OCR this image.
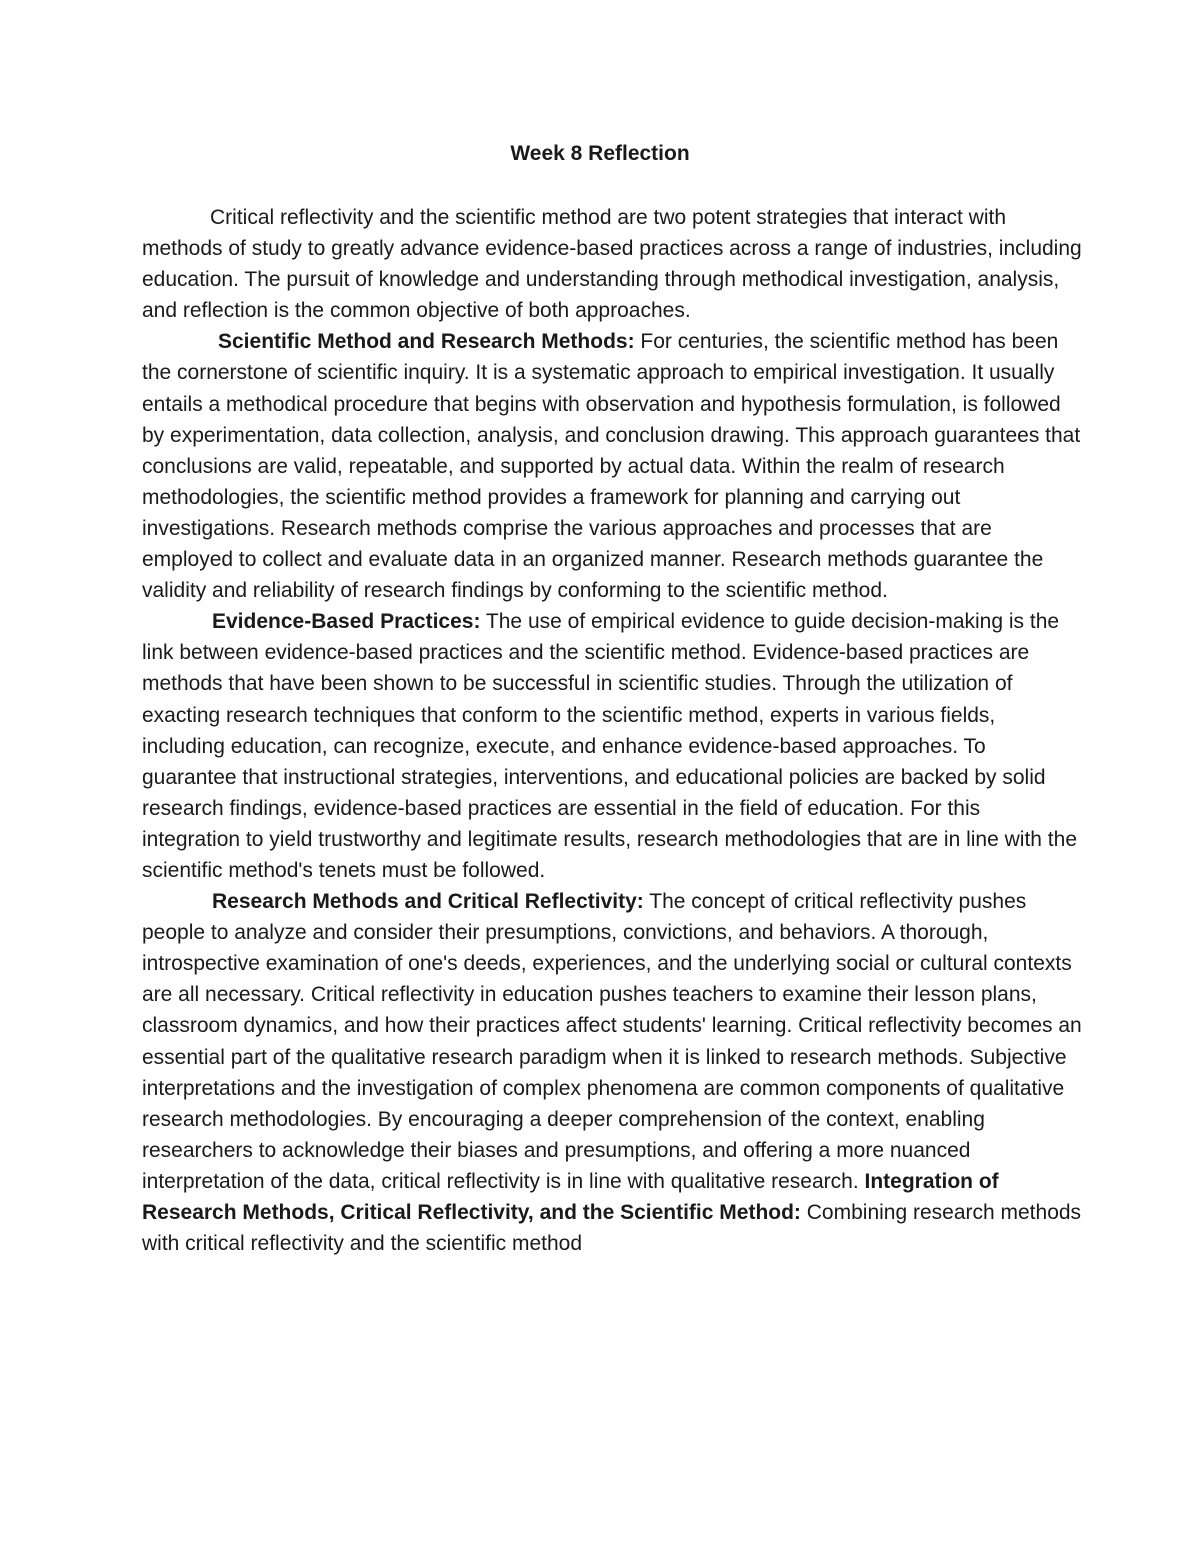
Week 8 Reflection

Critical reflectivity and the scientific method are two potent strategies that interact with methods of study to greatly advance evidence-based practices across a range of industries, including education. The pursuit of knowledge and understanding through methodical investigation, analysis, and reflection is the common objective of both approaches.

Scientific Method and Research Methods: For centuries, the scientific method has been the cornerstone of scientific inquiry. It is a systematic approach to empirical investigation. It usually entails a methodical procedure that begins with observation and hypothesis formulation, is followed by experimentation, data collection, analysis, and conclusion drawing. This approach guarantees that conclusions are valid, repeatable, and supported by actual data. Within the realm of research methodologies, the scientific method provides a framework for planning and carrying out investigations. Research methods comprise the various approaches and processes that are employed to collect and evaluate data in an organized manner. Research methods guarantee the validity and reliability of research findings by conforming to the scientific method.

Evidence-Based Practices: The use of empirical evidence to guide decision-making is the link between evidence-based practices and the scientific method. Evidence-based practices are methods that have been shown to be successful in scientific studies. Through the utilization of exacting research techniques that conform to the scientific method, experts in various fields, including education, can recognize, execute, and enhance evidence-based approaches. To guarantee that instructional strategies, interventions, and educational policies are backed by solid research findings, evidence-based practices are essential in the field of education. For this integration to yield trustworthy and legitimate results, research methodologies that are in line with the scientific method's tenets must be followed.

Research Methods and Critical Reflectivity: The concept of critical reflectivity pushes people to analyze and consider their presumptions, convictions, and behaviors. A thorough, introspective examination of one's deeds, experiences, and the underlying social or cultural contexts are all necessary. Critical reflectivity in education pushes teachers to examine their lesson plans, classroom dynamics, and how their practices affect students' learning. Critical reflectivity becomes an essential part of the qualitative research paradigm when it is linked to research methods. Subjective interpretations and the investigation of complex phenomena are common components of qualitative research methodologies. By encouraging a deeper comprehension of the context, enabling researchers to acknowledge their biases and presumptions, and offering a more nuanced interpretation of the data, critical reflectivity is in line with qualitative research. Integration of Research Methods, Critical Reflectivity, and the Scientific Method: Combining research methods with critical reflectivity and the scientific method
